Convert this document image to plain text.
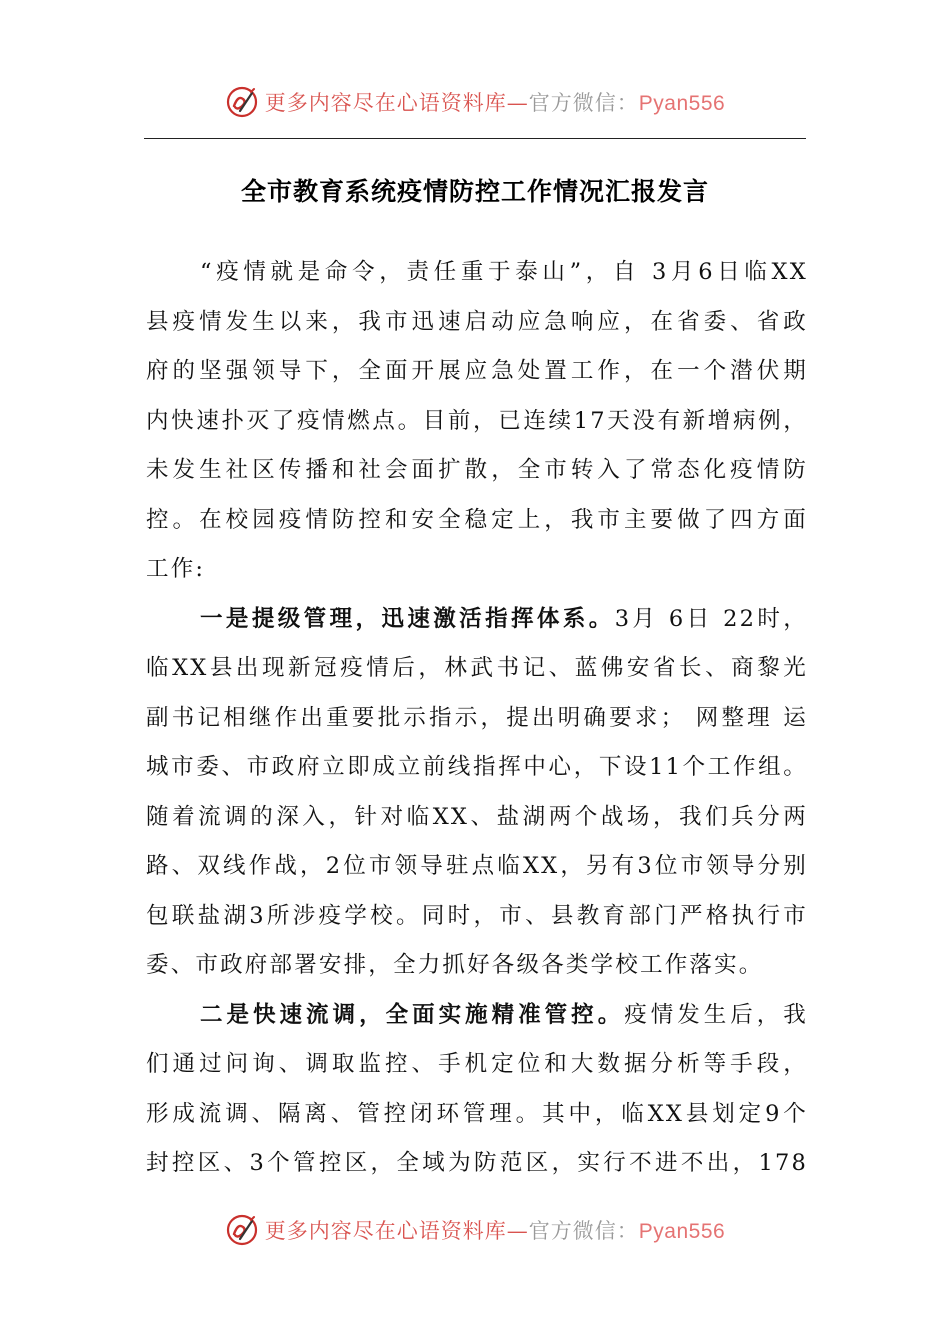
更多内容尽在心语资料库—官方微信：Pyan556
全市教育系统疫情防控工作情况汇报发言
“疫情就是命令，责任重于泰山”，自 3月6日临XX
县疫情发生以来，我市迅速启动应急响应，在省委、省政
府的坚强领导下，全面开展应急处置工作，在一个潜伏期
内快速扑灭了疫情燃点。目前，已连续17天没有新增病例，
未发生社区传播和社会面扩散，全市转入了常态化疫情防
控。在校园疫情防控和安全稳定上，我市主要做了四方面
工作:
一是提级管理，迅速激活指挥体系。3月 6日 22时，
临XX县出现新冠疫情后，林武书记、蓝佛安省长、商黎光
副书记相继作出重要批示指示，提出明确要求； 网整理 运
城市委、市政府立即成立前线指挥中心，下设11个工作组。
随着流调的深入，针对临XX、盐湖两个战场，我们兵分两
路、双线作战，2位市领导驻点临XX，另有3位市领导分别
包联盐湖3所涉疫学校。同时，市、县教育部门严格执行市
委、市政府部署安排，全力抓好各级各类学校工作落实。
二是快速流调，全面实施精准管控。疫情发生后，我
们通过问询、调取监控、手机定位和大数据分析等手段，
形成流调、隔离、管控闭环管理。其中，临XX县划定9个
封控区、3个管控区，全域为防范区，实行不进不出，178
更多内容尽在心语资料库—官方微信：Pyan556
